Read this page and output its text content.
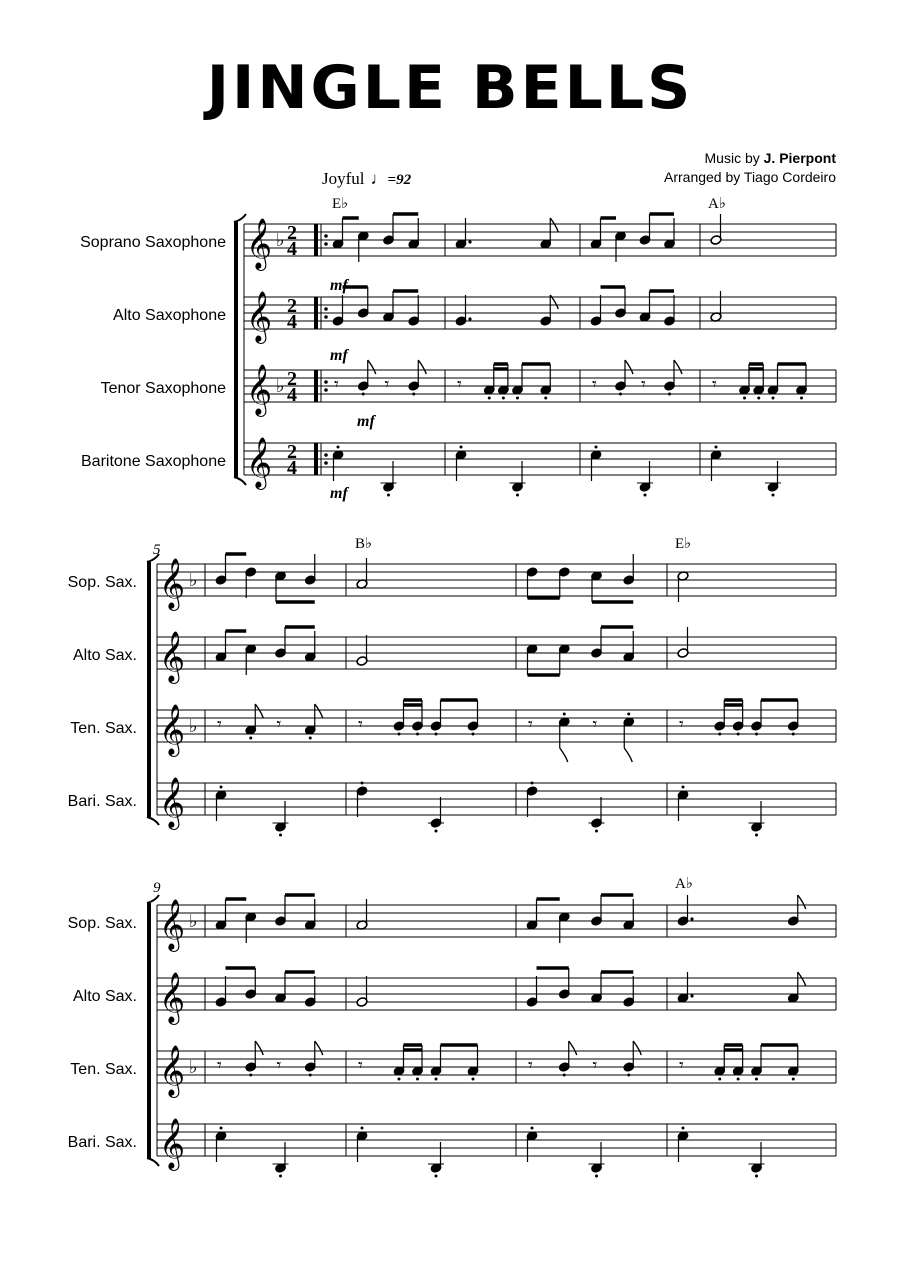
JINGLE BELLS
Music by J. Pierpont
Arranged by Tiago Cordeiro
Joyful ♩=92
Soprano Saxophone
Alto Saxophone
Tenor Saxophone
Baritone Saxophone
E♭	A♭
mf
mf
mf
mf
5
Sop. Sax.
Alto Sax.
Ten. Sax.
Bari. Sax.
B♭	E♭
9
Sop. Sax.
Alto Sax.
Ten. Sax.
Bari. Sax.
A♭
𝄞 ♭ 2
4
𝄞 2
4
𝄞 ♭ 2
4
𝄞 2
4
𝄾	𝄾	𝄾	𝄾 𝄾	𝄾
𝄞 ♭
𝄞
𝄞 ♭
𝄞
𝄾	𝄾	𝄾	𝄾	𝄾	𝄾
𝄞 ♭
𝄞
𝄞 ♭
𝄞
𝄾	𝄾	𝄾	𝄾	𝄾	𝄾
